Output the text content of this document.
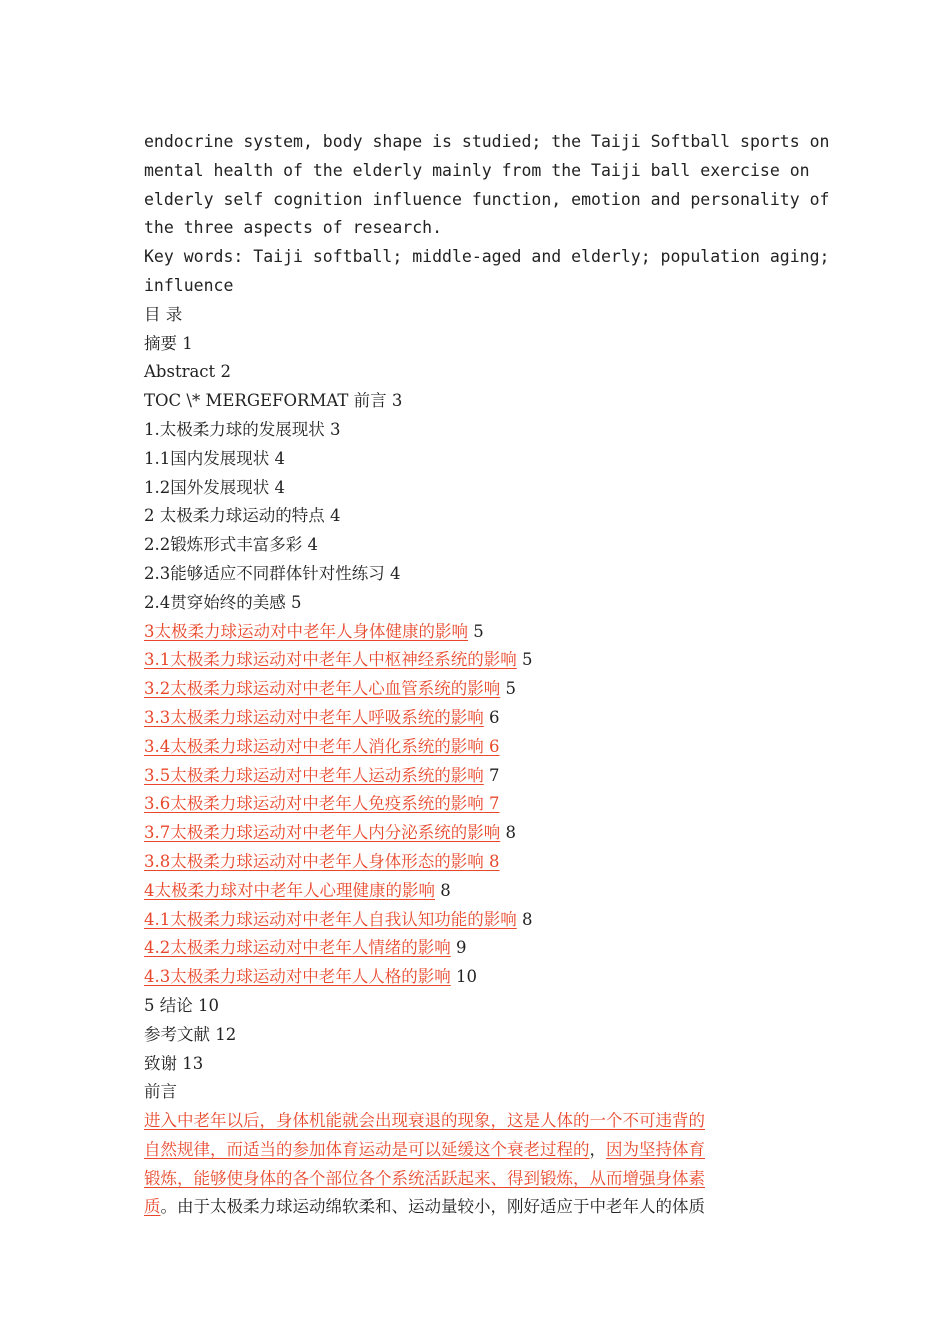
endocrine system, body shape is studied; the Taiji Softball sports on
mental health of the elderly mainly from the Taiji ball exercise on
elderly self cognition influence function, emotion and personality of
the three aspects of research.
Key words: Taiji softball; middle-aged and elderly; population aging;
influence
目 录
摘要 1
Abstract 2
TOC \* MERGEFORMAT 前言 3
1.太极柔力球的发展现状 3
1.1国内发展现状 4
1.2国外发展现状 4
2 太极柔力球运动的特点 4
2.2锻炼形式丰富多彩 4
2.3能够适应不同群体针对性练习 4
2.4贯穿始终的美感 5
3太极柔力球运动对中老年人身体健康的影响 5
3.1太极柔力球运动对中老年人中枢神经系统的影响 5
3.2太极柔力球运动对中老年人心血管系统的影响 5
3.3太极柔力球运动对中老年人呼吸系统的影响 6
3.4太极柔力球运动对中老年人消化系统的影响 6
3.5太极柔力球运动对中老年人运动系统的影响 7
3.6太极柔力球运动对中老年人免疫系统的影响 7
3.7太极柔力球运动对中老年人内分泌系统的影响 8
3.8太极柔力球运动对中老年人身体形态的影响 8
4太极柔力球对中老年人心理健康的影响 8
4.1太极柔力球运动对中老年人自我认知功能的影响 8
4.2太极柔力球运动对中老年人情绪的影响 9
4.3太极柔力球运动对中老年人人格的影响 10
5 结论 10
参考文献 12
致谢 13
前言
进入中老年以后，身体机能就会出现衰退的现象，这是人体的一个不可违背的
自然规律，而适当的参加体育运动是可以延缓这个衰老过程的，因为坚持体育
锻炼，能够使身体的各个部位各个系统活跃起来、得到锻炼，从而增强身体素
质。由于太极柔力球运动绵软柔和、运动量较小，刚好适应于中老年人的体质
